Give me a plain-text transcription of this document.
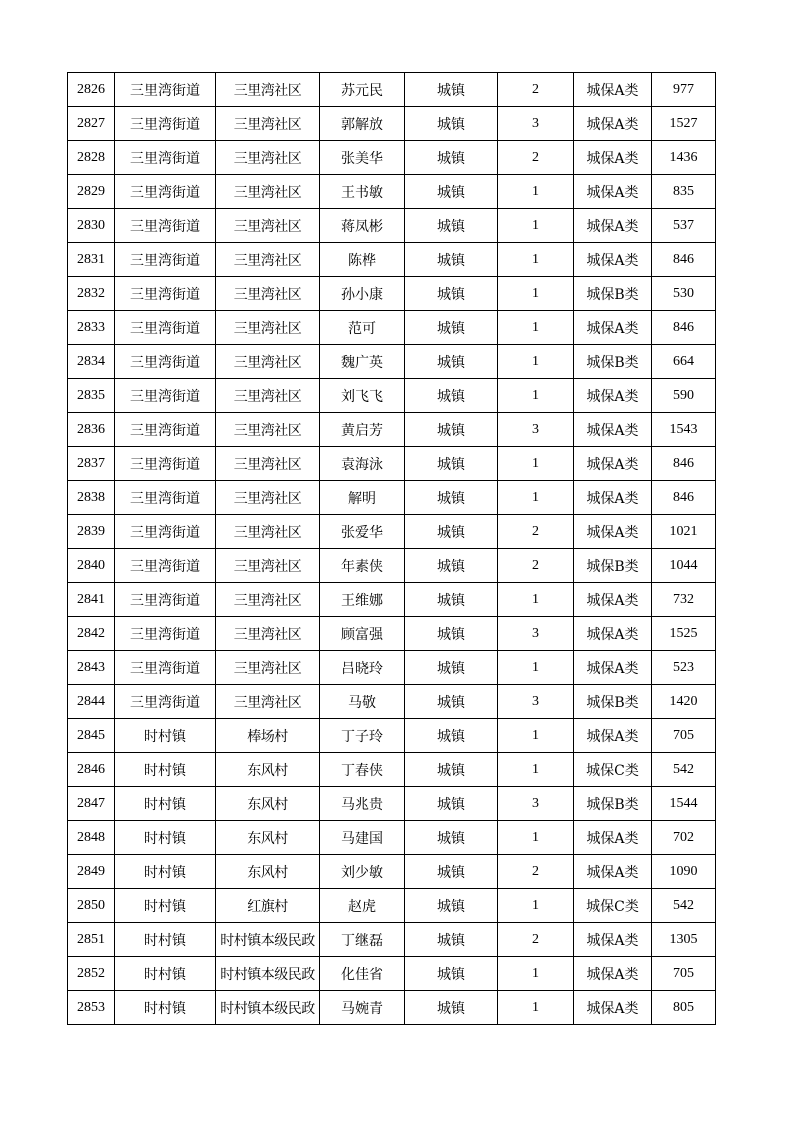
2826	三里湾街道	三里湾社区	苏元民	城镇	2	城保A类	977
2827	三里湾街道	三里湾社区	郭解放	城镇	3	城保A类	1527
2828	三里湾街道	三里湾社区	张美华	城镇	2	城保A类	1436
2829	三里湾街道	三里湾社区	王书敏	城镇	1	城保A类	835
2830	三里湾街道	三里湾社区	蒋凤彬	城镇	1	城保A类	537
2831	三里湾街道	三里湾社区	陈桦	城镇	1	城保A类	846
2832	三里湾街道	三里湾社区	孙小康	城镇	1	城保B类	530
2833	三里湾街道	三里湾社区	范可	城镇	1	城保A类	846
2834	三里湾街道	三里湾社区	魏广英	城镇	1	城保B类	664
2835	三里湾街道	三里湾社区	刘飞飞	城镇	1	城保A类	590
2836	三里湾街道	三里湾社区	黄启芳	城镇	3	城保A类	1543
2837	三里湾街道	三里湾社区	袁海泳	城镇	1	城保A类	846
2838	三里湾街道	三里湾社区	解明	城镇	1	城保A类	846
2839	三里湾街道	三里湾社区	张爱华	城镇	2	城保A类	1021
2840	三里湾街道	三里湾社区	年素侠	城镇	2	城保B类	1044
2841	三里湾街道	三里湾社区	王维娜	城镇	1	城保A类	732
2842	三里湾街道	三里湾社区	顾富强	城镇	3	城保A类	1525
2843	三里湾街道	三里湾社区	吕晓玲	城镇	1	城保A类	523
2844	三里湾街道	三里湾社区	马敬	城镇	3	城保B类	1420
2845	时村镇	棒场村	丁子玲	城镇	1	城保A类	705
2846	时村镇	东风村	丁春侠	城镇	1	城保C类	542
2847	时村镇	东风村	马兆贵	城镇	3	城保B类	1544
2848	时村镇	东风村	马建国	城镇	1	城保A类	702
2849	时村镇	东风村	刘少敏	城镇	2	城保A类	1090
2850	时村镇	红旗村	赵虎	城镇	1	城保C类	542
2851	时村镇	时村镇本级民政	丁继磊	城镇	2	城保A类	1305
2852	时村镇	时村镇本级民政	化佳省	城镇	1	城保A类	705
2853	时村镇	时村镇本级民政	马婉青	城镇	1	城保A类	805
